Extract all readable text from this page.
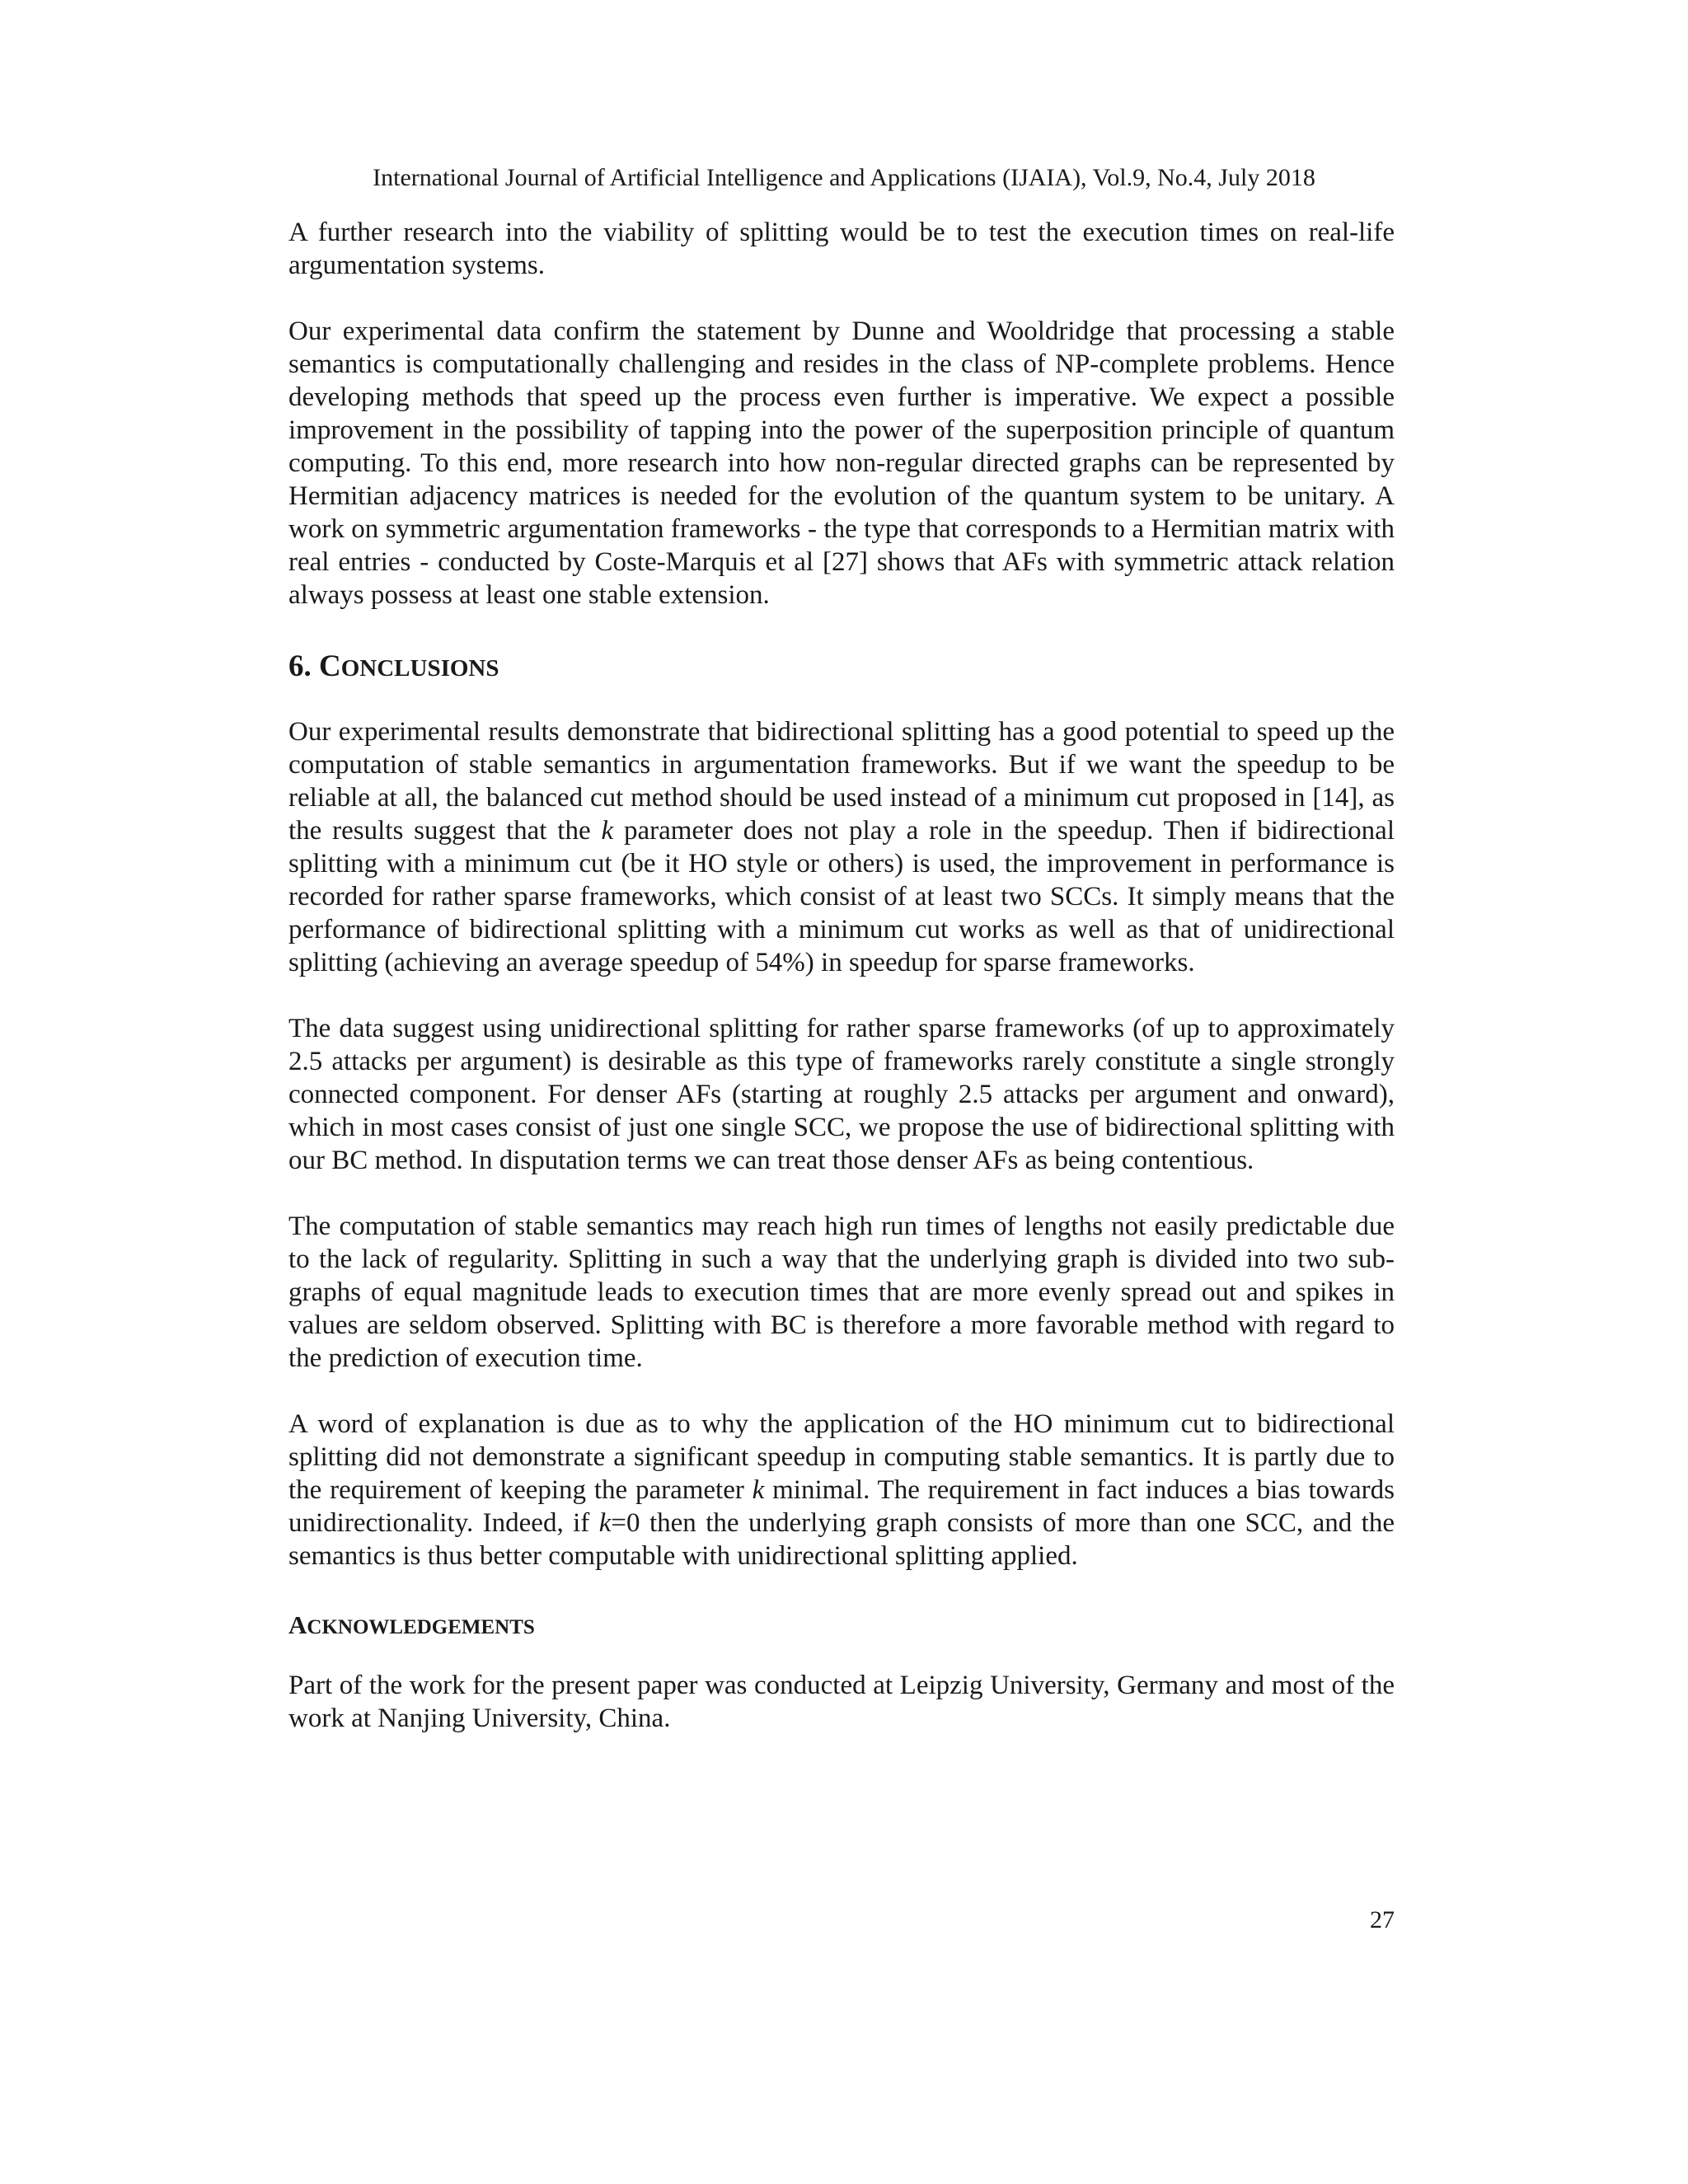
International Journal of Artificial Intelligence and Applications (IJAIA), Vol.9, No.4, July 2018

A further research into the viability of splitting would be to test the execution times on real-life argumentation systems.

Our experimental data confirm the statement by Dunne and Wooldridge that processing a stable semantics is computationally challenging and resides in the class of NP-complete problems. Hence developing methods that speed up the process even further is imperative. We expect a possible improvement in the possibility of tapping into the power of the superposition principle of quantum computing. To this end, more research into how non-regular directed graphs can be represented by Hermitian adjacency matrices is needed for the evolution of the quantum system to be unitary. A work on symmetric argumentation frameworks - the type that corresponds to a Hermitian matrix with real entries - conducted by Coste-Marquis et al [27] shows that AFs with symmetric attack relation always possess at least one stable extension.

6. CONCLUSIONS

Our experimental results demonstrate that bidirectional splitting has a good potential to speed up the computation of stable semantics in argumentation frameworks. But if we want the speedup to be reliable at all, the balanced cut method should be used instead of a minimum cut proposed in [14], as the results suggest that the k parameter does not play a role in the speedup. Then if bidirectional splitting with a minimum cut (be it HO style or others) is used, the improvement in performance is recorded for rather sparse frameworks, which consist of at least two SCCs. It simply means that the performance of bidirectional splitting with a minimum cut works as well as that of unidirectional splitting (achieving an average speedup of 54%) in speedup for sparse frameworks.

The data suggest using unidirectional splitting for rather sparse frameworks (of up to approximately 2.5 attacks per argument) is desirable as this type of frameworks rarely constitute a single strongly connected component. For denser AFs (starting at roughly 2.5 attacks per argument and onward), which in most cases consist of just one single SCC, we propose the use of bidirectional splitting with our BC method. In disputation terms we can treat those denser AFs as being contentious.

The computation of stable semantics may reach high run times of lengths not easily predictable due to the lack of regularity. Splitting in such a way that the underlying graph is divided into two sub-graphs of equal magnitude leads to execution times that are more evenly spread out and spikes in values are seldom observed. Splitting with BC is therefore a more favorable method with regard to the prediction of execution time.

A word of explanation is due as to why the application of the HO minimum cut to bidirectional splitting did not demonstrate a significant speedup in computing stable semantics. It is partly due to the requirement of keeping the parameter k minimal. The requirement in fact induces a bias towards unidirectionality. Indeed, if k=0 then the underlying graph consists of more than one SCC, and the semantics is thus better computable with unidirectional splitting applied.

ACKNOWLEDGEMENTS

Part of the work for the present paper was conducted at Leipzig University, Germany and most of the work at Nanjing University, China.

27
